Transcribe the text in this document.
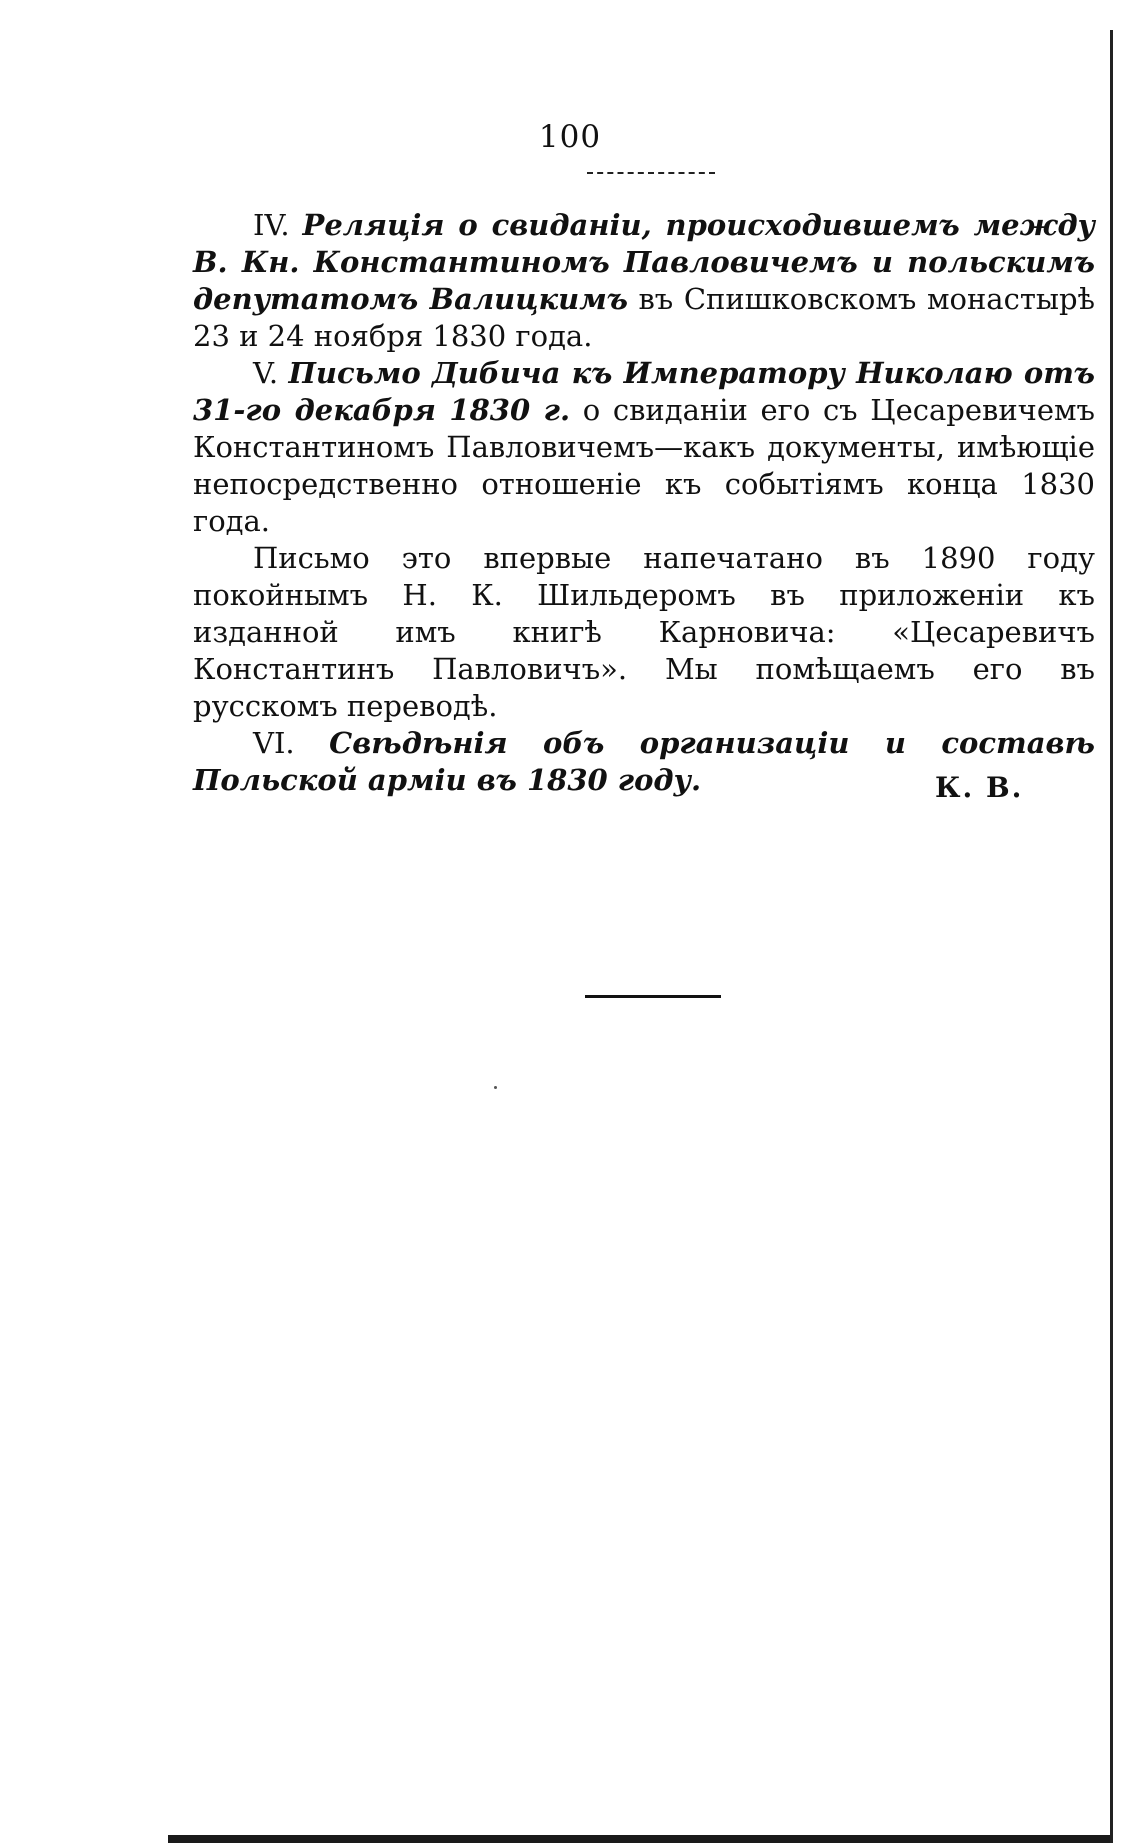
100

IV. Реляція о свиданіи, происходившемъ между В. Кн. Константиномъ Павловичемъ и польскимъ депутатомъ Валицкимъ въ Спишковскомъ монастырѣ 23 и 24 ноября 1830 года.

V. Письмо Дибича къ Императору Николаю отъ 31-го декабря 1830 г. о свиданіи его съ Цесаревичемъ Константиномъ Павловичемъ—какъ документы, имѣющіе непосредственно отношеніе къ событіямъ конца 1830 года.

Письмо это впервые напечатано въ 1890 году покойнымъ Н. К. Шильдеромъ въ приложеніи къ изданной имъ книгѣ Карновича: «Цесаревичъ Константинъ Павловичъ». Мы помѣщаемъ его въ русскомъ переводѣ.

VI. Свѣдѣнія объ организаціи и составѣ Польской арміи въ 1830 году.	К. В.
